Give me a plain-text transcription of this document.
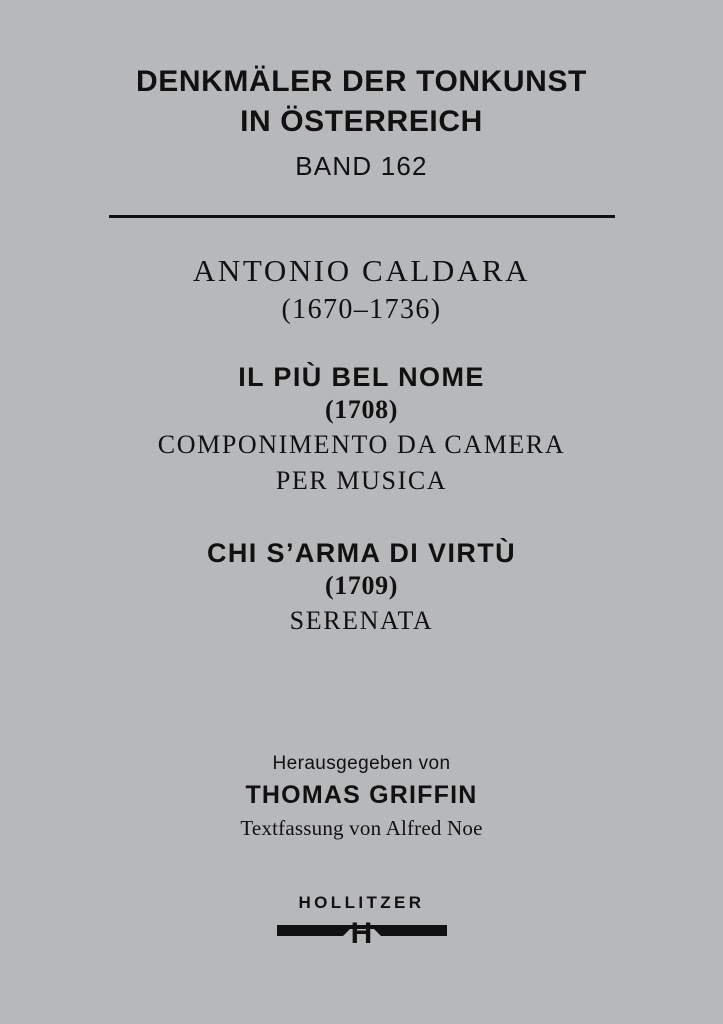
DENKMÄLER DER TONKUNST
IN ÖSTERREICH
BAND 162
ANTONIO CALDARA
(1670–1736)
IL PIÙ BEL NOME
(1708)
COMPONIMENTO DA CAMERA
PER MUSICA
CHI S’ARMA DI VIRTÙ
(1709)
SERENATA
Herausgegeben von
THOMAS GRIFFIN
Textfassung von Alfred Noe
HOLLITZER
H
